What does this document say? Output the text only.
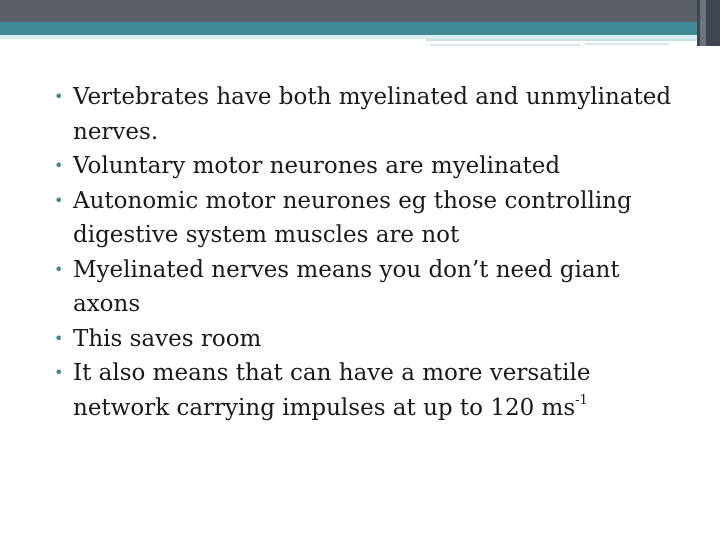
• Vertebrates have both myelinated and unmylinated nerves.
• Voluntary motor neurones are myelinated
• Autonomic motor neurones eg those controlling digestive system muscles are not
• Myelinated nerves means you don’t need giant axons
• This saves room
• It also means that can have a more versatile network carrying impulses at up to 120 $ms^{-1}$
